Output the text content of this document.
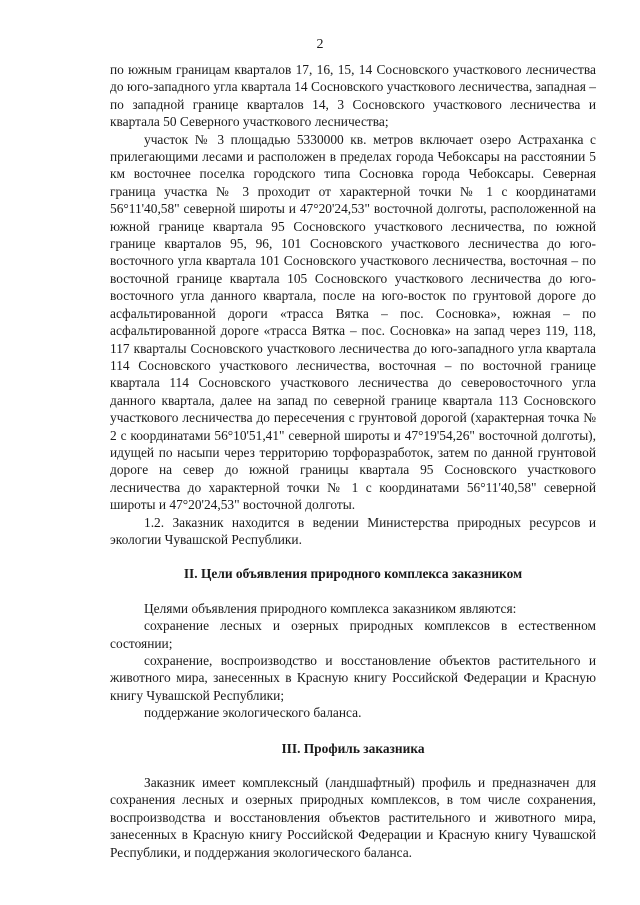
2

по южным границам кварталов 17, 16, 15, 14 Сосновского участкового лесничества до юго-западного угла квартала 14 Сосновского участкового лесничества, западная – по западной границе кварталов 14, 3 Сосновского участкового лесничества и квартала 50 Северного участкового лесничества;

участок № 3 площадью 5330000 кв. метров включает озеро Астраханка с прилегающими лесами и расположен в пределах города Чебоксары на расстоянии 5 км восточнее поселка городского типа Сосновка города Чебоксары. Северная граница участка № 3 проходит от характерной точки № 1 с координатами 56°11'40,58" северной широты и 47°20'24,53" восточной долготы, расположенной на южной границе квартала 95 Сосновского участкового лесничества, по южной границе кварталов 95, 96, 101 Сосновского участкового лесничества до юго-восточного угла квартала 101 Сосновского участкового лесничества, восточная – по восточной границе квартала 105 Сосновского участкового лесничества до юго-восточного угла данного квартала, после на юго-восток по грунтовой дороге до асфальтированной дороги «трасса Вятка – пос. Сосновка», южная – по асфальтированной дороге «трасса Вятка – пос. Сосновка» на запад через 119, 118, 117 кварталы Сосновского участкового лесничества до юго-западного угла квартала 114 Сосновского участкового лесничества, восточная – по восточной границе квартала 114 Сосновского участкового лесничества до северовосточного угла данного квартала, далее на запад по северной границе квартала 113 Сосновского участкового лесничества до пересечения с грунтовой дорогой (характерная точка № 2 с координатами 56°10'51,41" северной широты и 47°19'54,26" восточной долготы), идущей по насыпи через территорию торфоразработок, затем по данной грунтовой дороге на север до южной границы квартала 95 Сосновского участкового лесничества до характерной точки № 1 с координатами 56°11'40,58" северной широты и 47°20'24,53" восточной долготы.

1.2. Заказник находится в ведении Министерства природных ресурсов и экологии Чувашской Республики.

II. Цели объявления природного комплекса заказником

Целями объявления природного комплекса заказником являются:

сохранение лесных и озерных природных комплексов в естественном состоянии;

сохранение, воспроизводство и восстановление объектов растительного и животного мира, занесенных в Красную книгу Российской Федерации и Красную книгу Чувашской Республики;

поддержание экологического баланса.

III. Профиль заказника

Заказник имеет комплексный (ландшафтный) профиль и предназначен для сохранения лесных и озерных природных комплексов, в том числе сохранения, воспроизводства и восстановления объектов растительного и животного мира, занесенных в Красную книгу Российской Федерации и Красную книгу Чувашской Республики, и поддержания экологического баланса.
